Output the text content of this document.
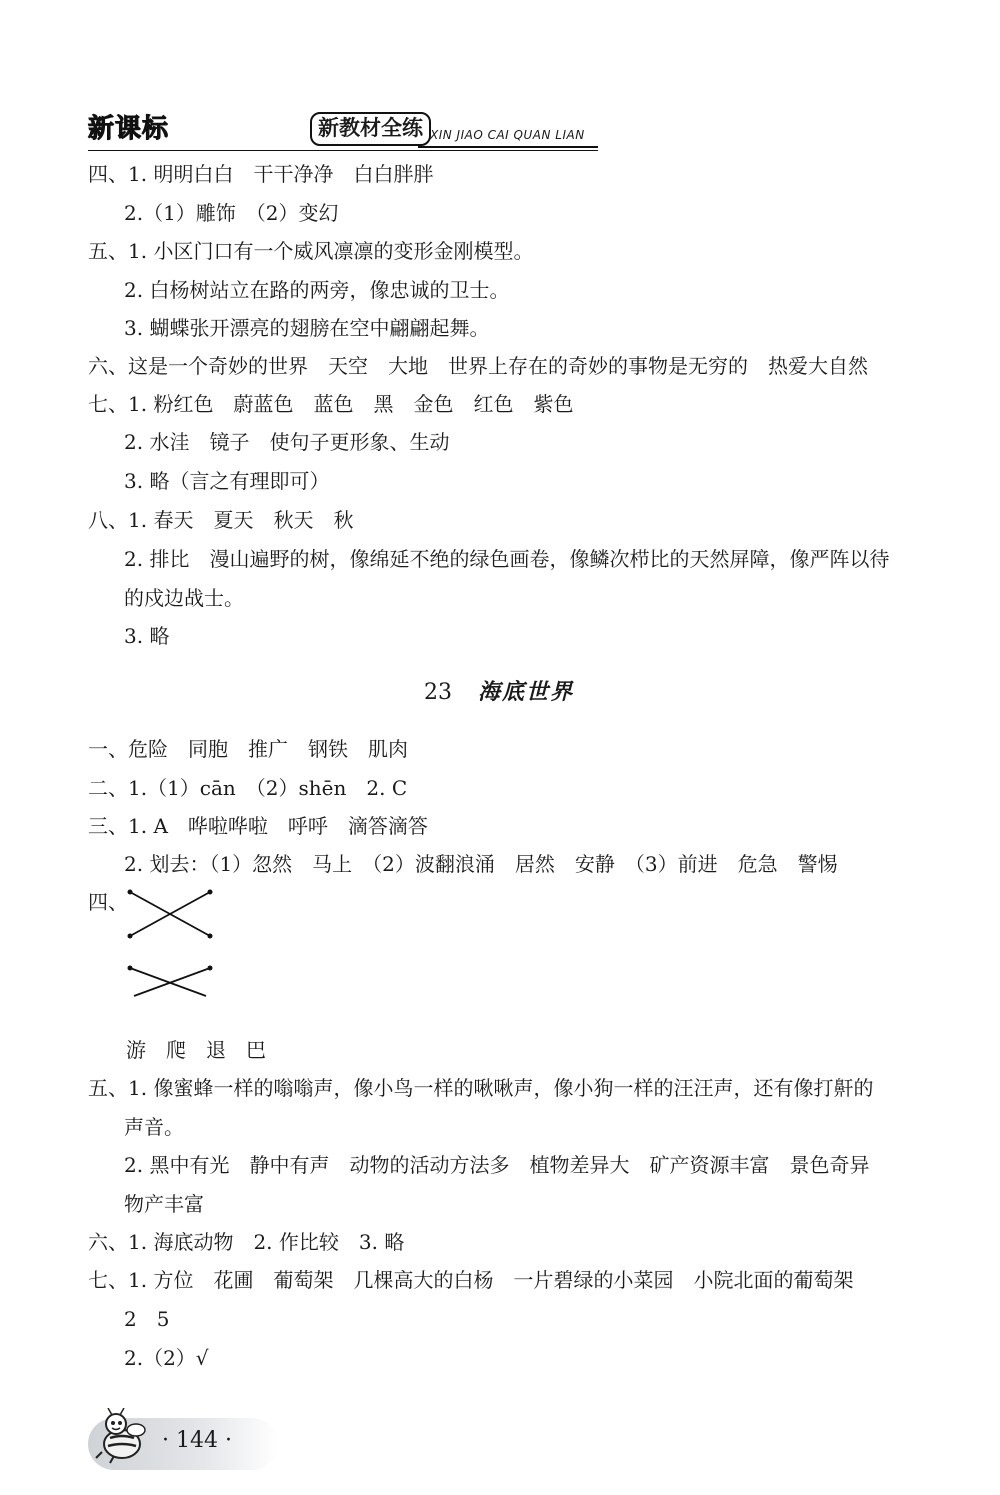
新课标	新教材全练 XIN JIAO CAI QUAN LIAN
四、1. 明明白白　干干净净　白白胖胖
2.（1）雕饰　（2）变幻
五、1. 小区门口有一个威风凛凛的变形金刚模型。
2. 白杨树站立在路的两旁，像忠诚的卫士。
3. 蝴蝶张开漂亮的翅膀在空中翩翩起舞。
六、这是一个奇妙的世界　天空　大地　世界上存在的奇妙的事物是无穷的　热爱大自然
七、1. 粉红色　蔚蓝色　蓝色　黑　金色　红色　紫色
2. 水洼　镜子　使句子更形象、生动
3. 略（言之有理即可）
八、1. 春天　夏天　秋天　秋
2. 排比　漫山遍野的树，像绵延不绝的绿色画卷，像鳞次栉比的天然屏障，像严阵以待
的戍边战士。
3. 略
23 海底世界
一、危险　同胞　推广　钢铁　肌肉
二、1.（1）cān　（2）shēn　2. C
三、1. A　哗啦哗啦　呼呼　滴答滴答
2. 划去：（1）忽然　马上　（2）波翻浪涌　居然　安静　（3）前进　危急　警惕
四、
游　爬　退　巴
五、1. 像蜜蜂一样的嗡嗡声，像小鸟一样的啾啾声，像小狗一样的汪汪声，还有像打鼾的
声音。
2. 黑中有光　静中有声　动物的活动方法多　植物差异大　矿产资源丰富　景色奇异
物产丰富
六、1. 海底动物　2. 作比较　3. 略
七、1. 方位　花圃　葡萄架　几棵高大的白杨　一片碧绿的小菜园　小院北面的葡萄架
2　5
2.（2）√
· 144 ·
